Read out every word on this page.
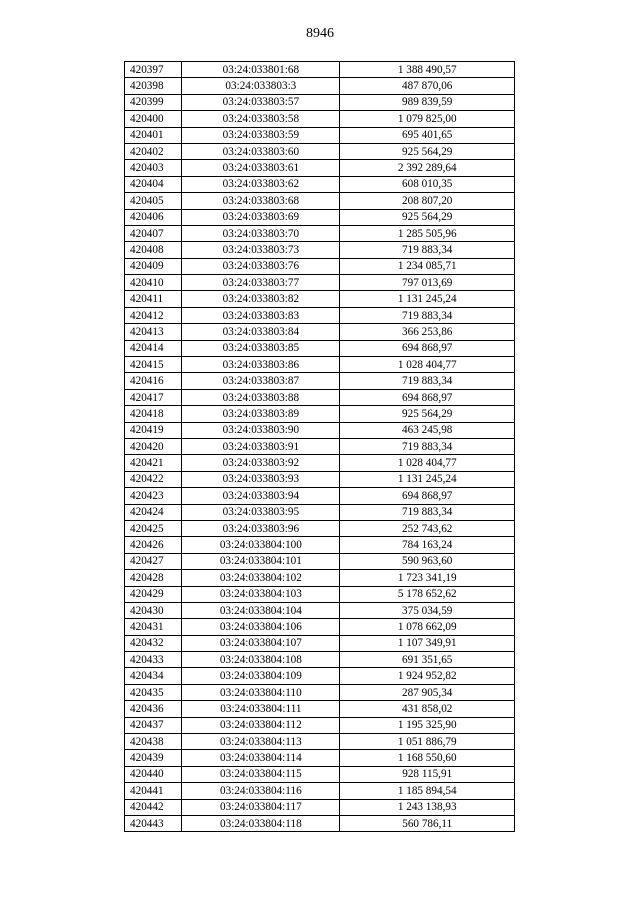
8946
420397	03:24:033801:68	1 388 490,57
420398	03:24:033803:3	487 870,06
420399	03:24:033803:57	989 839,59
420400	03:24:033803:58	1 079 825,00
420401	03:24:033803:59	695 401,65
420402	03:24:033803:60	925 564,29
420403	03:24:033803:61	2 392 289,64
420404	03:24:033803:62	608 010,35
420405	03:24:033803:68	208 807,20
420406	03:24:033803:69	925 564,29
420407	03:24:033803:70	1 285 505,96
420408	03:24:033803:73	719 883,34
420409	03:24:033803:76	1 234 085,71
420410	03:24:033803:77	797 013,69
420411	03:24:033803:82	1 131 245,24
420412	03:24:033803:83	719 883,34
420413	03:24:033803:84	366 253,86
420414	03:24:033803:85	694 868,97
420415	03:24:033803:86	1 028 404,77
420416	03:24:033803:87	719 883,34
420417	03:24:033803:88	694 868,97
420418	03:24:033803:89	925 564,29
420419	03:24:033803:90	463 245,98
420420	03:24:033803:91	719 883,34
420421	03:24:033803:92	1 028 404,77
420422	03:24:033803:93	1 131 245,24
420423	03:24:033803:94	694 868,97
420424	03:24:033803:95	719 883,34
420425	03:24:033803:96	252 743,62
420426	03:24:033804:100	784 163,24
420427	03:24:033804:101	590 963,60
420428	03:24:033804:102	1 723 341,19
420429	03:24:033804:103	5 178 652,62
420430	03:24:033804:104	375 034,59
420431	03:24:033804:106	1 078 662,09
420432	03:24:033804:107	1 107 349,91
420433	03:24:033804:108	691 351,65
420434	03:24:033804:109	1 924 952,82
420435	03:24:033804:110	287 905,34
420436	03:24:033804:111	431 858,02
420437	03:24:033804:112	1 195 325,90
420438	03:24:033804:113	1 051 886,79
420439	03:24:033804:114	1 168 550,60
420440	03:24:033804:115	928 115,91
420441	03:24:033804:116	1 185 894,54
420442	03:24:033804:117	1 243 138,93
420443	03:24:033804:118	560 786,11
